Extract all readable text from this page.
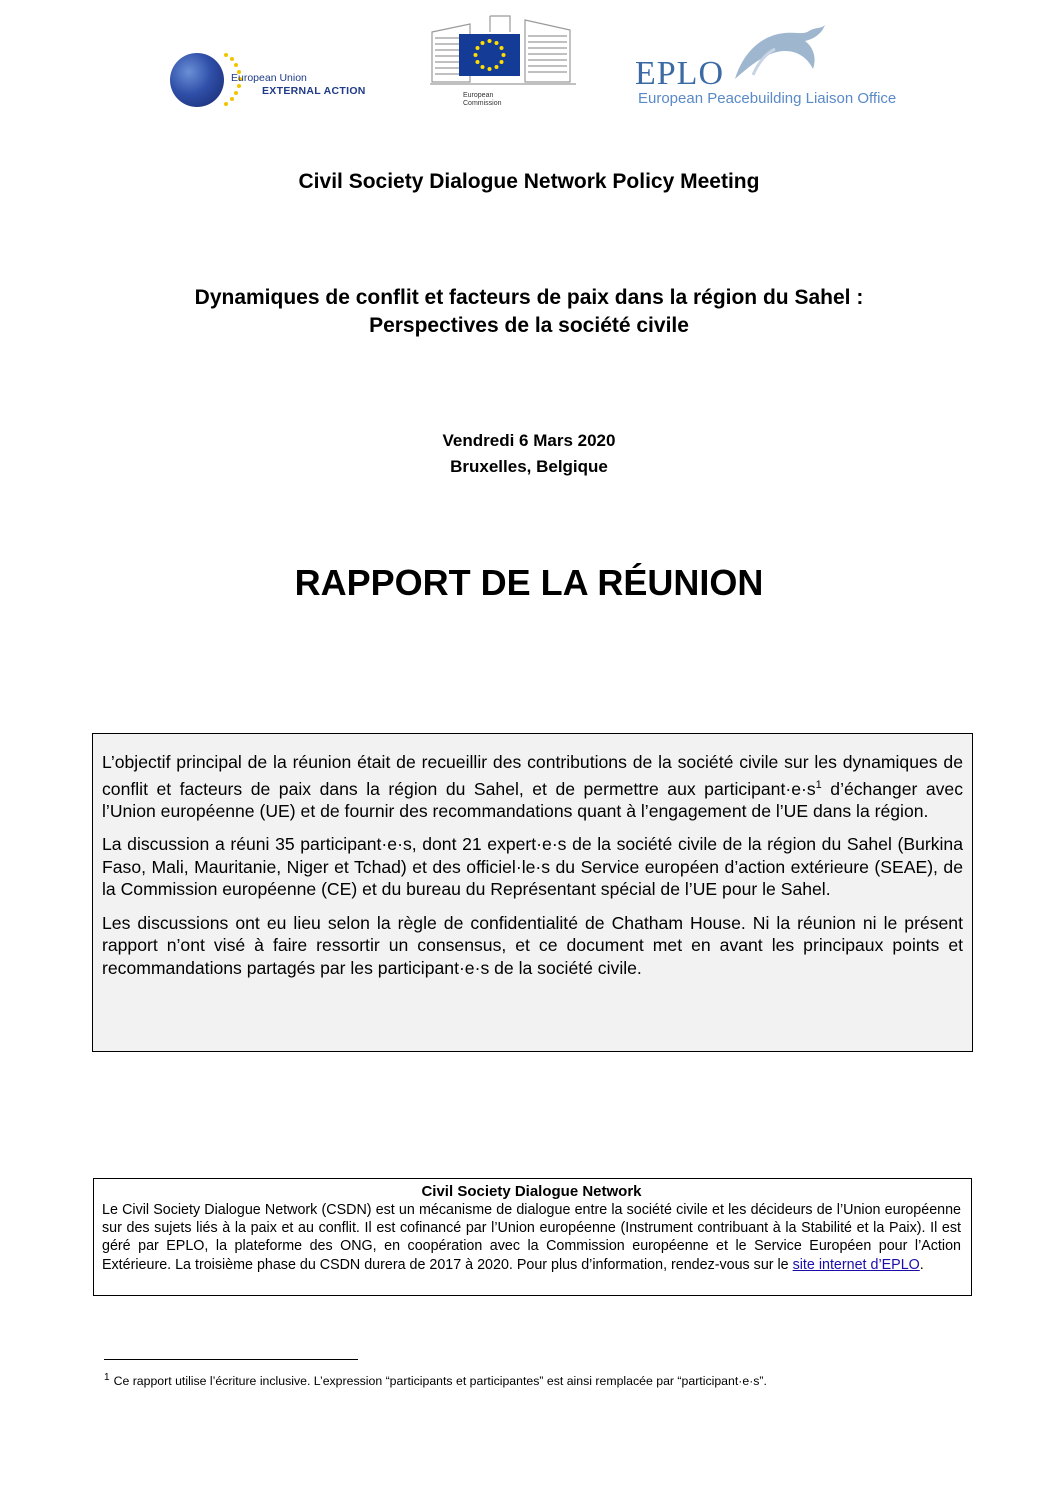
European Union
EXTERNAL ACTION	European
Commission
EPLO
European Peacebuilding Liaison Office
Civil Society Dialogue Network Policy Meeting
Dynamiques de conflit et facteurs de paix dans la région du Sahel :
Perspectives de la société civile
Vendredi 6 Mars 2020
Bruxelles, Belgique
RAPPORT DE LA RÉUNION

L’objectif principal de la réunion était de recueillir des contributions de la société civile sur les dynamiques de conflit et facteurs de paix dans la région du Sahel, et de permettre aux $participant\cdot e\cdot s^1$ d’échanger avec l’Union européenne (UE) et de fournir des recommandations quant à l’engagement de l’UE dans la région.

La discussion a réuni 35 participant·e·s, dont 21 expert·e·s de la société civile de la région du Sahel (Burkina Faso, Mali, Mauritanie, Niger et Tchad) et des officiel·le·s du Service européen d’action extérieure (SEAE), de la Commission européenne (CE) et du bureau du Représentant spécial de l’UE pour le Sahel.

Les discussions ont eu lieu selon la règle de confidentialité de Chatham House. Ni la réunion ni le présent rapport n’ont visé à faire ressortir un consensus, et ce document met en avant les principaux points et recommandations partagés par les participant·e·s de la société civile.

Civil Society Dialogue Network
Le Civil Society Dialogue Network (CSDN) est un mécanisme de dialogue entre la société civile et les décideurs de l’Union européenne sur des sujets liés à la paix et au conflit. Il est cofinancé par l’Union européenne (Instrument contribuant à la Stabilité et la Paix). Il est géré par EPLO, la plateforme des ONG, en coopération avec la Commission européenne et le Service Européen pour l’Action Extérieure. La troisième phase du CSDN durera de 2017 à 2020. Pour plus d’information, rendez-vous sur le site internet d’EPLO.
$^1$ Ce rapport utilise l’écriture inclusive. L’expression “participants et participantes” est ainsi remplacée par “participant·e·s”.
